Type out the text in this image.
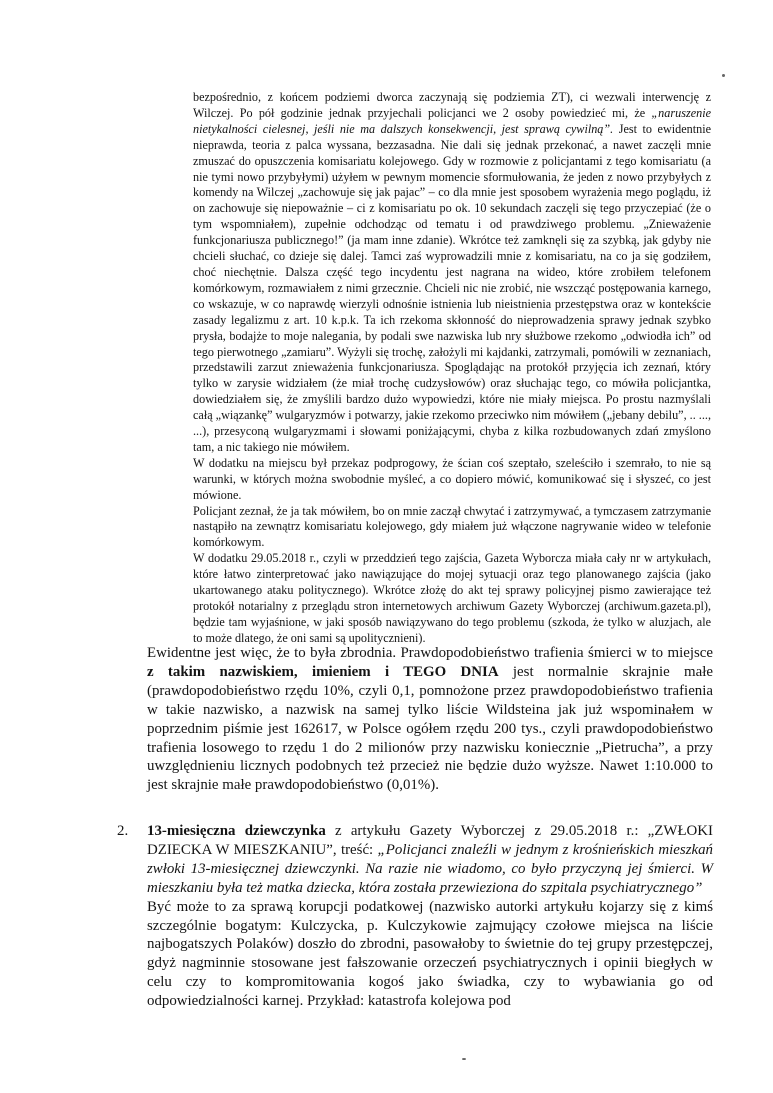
bezpośrednio, z końcem podziemi dworca zaczynają się podziemia ZT), ci wezwali interwencję z Wilczej. Po pół godzinie jednak przyjechali policjanci we 2 osoby powiedzieć mi, że „naruszenie nietykalności cielesnej, jeśli nie ma dalszych konsekwencji, jest sprawą cywilną”. Jest to ewidentnie nieprawda, teoria z palca wyssana, bezzasadna. Nie dali się jednak przekonać, a nawet zaczęli mnie zmuszać do opuszczenia komisariatu kolejowego. Gdy w rozmowie z policjantami z tego komisariatu (a nie tymi nowo przybyłymi) użyłem w pewnym momencie sformułowania, że jeden z nowo przybyłych z komendy na Wilczej „zachowuje się jak pajac” – co dla mnie jest sposobem wyrażenia mego poglądu, iż on zachowuje się niepoważnie – ci z komisariatu po ok. 10 sekundach zaczęli się tego przyczepiać (że o tym wspomniałem), zupełnie odchodząc od tematu i od prawdziwego problemu. „Znieważenie funkcjonariusza publicznego!” (ja mam inne zdanie). Wkrótce też zamknęli się za szybką, jak gdyby nie chcieli słuchać, co dzieje się dalej. Tamci zaś wyprowadzili mnie z komisariatu, na co ja się godziłem, choć niechętnie. Dalsza część tego incydentu jest nagrana na wideo, które zrobiłem telefonem komórkowym, rozmawiałem z nimi grzecznie. Chcieli nic nie zrobić, nie wszcząć postępowania karnego, co wskazuje, w co naprawdę wierzyli odnośnie istnienia lub nieistnienia przestępstwa oraz w kontekście zasady legalizmu z art. 10 k.p.k. Ta ich rzekoma skłonność do nieprowadzenia sprawy jednak szybko prysła, bodajże to moje nalegania, by podali swe nazwiska lub nry służbowe rzekomo „odwiodła ich” od tego pierwotnego „zamiaru”. Wyżyli się trochę, założyli mi kajdanki, zatrzymali, pomówili w zeznaniach, przedstawili zarzut znieważenia funkcjonariusza. Spoglądając na protokół przyjęcia ich zeznań, który tylko w zarysie widziałem (że miał trochę cudzysłowów) oraz słuchając tego, co mówiła policjantka, dowiedziałem się, że zmyślili bardzo dużo wypowiedzi, które nie miały miejsca. Po prostu nazmyślali całą „wiązankę” wulgaryzmów i potwarzy, jakie rzekomo przeciwko nim mówiłem („jebany debilu”, .. ..., ...), przesyconą wulgaryzmami i słowami poniżającymi, chyba z kilka rozbudowanych zdań zmyślono tam, a nic takiego nie mówiłem.

W dodatku na miejscu był przekaz podprogowy, że ścian coś szeptało, szeleściło i szemrało, to nie są warunki, w których można swobodnie myśleć, a co dopiero mówić, komunikować się i słyszeć, co jest mówione.

Policjant zeznał, że ja tak mówiłem, bo on mnie zaczął chwytać i zatrzymywać, a tymczasem zatrzymanie nastąpiło na zewnątrz komisariatu kolejowego, gdy miałem już włączone nagrywanie wideo w telefonie komórkowym.

W dodatku 29.05.2018 r., czyli w przeddzień tego zajścia, Gazeta Wyborcza miała cały nr w artykułach, które łatwo zinterpretować jako nawiązujące do mojej sytuacji oraz tego planowanego zajścia (jako ukartowanego ataku politycznego). Wkrótce złożę do akt tej sprawy policyjnej pismo zawierające też protokół notarialny z przeglądu stron internetowych archiwum Gazety Wyborczej (archiwum.gazeta.pl), będzie tam wyjaśnione, w jaki sposób nawiązywano do tego problemu (szkoda, że tylko w aluzjach, ale to może dlatego, że oni sami są upolitycznieni).

Ewidentne jest więc, że to była zbrodnia. Prawdopodobieństwo trafienia śmierci w to miejsce z takim nazwiskiem, imieniem i TEGO DNIA jest normalnie skrajnie małe (prawdopodobieństwo rzędu 10%, czyli 0,1, pomnożone przez prawdopodobieństwo trafienia w takie nazwisko, a nazwisk na samej tylko liście Wildsteina jak już wspominałem w poprzednim piśmie jest 162617, w Polsce ogółem rzędu 200 tys., czyli prawdopodobieństwo trafienia losowego to rzędu 1 do 2 milionów przy nazwisku koniecznie „Pietrucha”, a przy uwzględnieniu licznych podobnych też przecież nie będzie dużo wyższe. Nawet 1:10.000 to jest skrajnie małe prawdopodobieństwo (0,01%).

2. 13-miesięczna dziewczynka z artykułu Gazety Wyborczej z 29.05.2018 r.: „ZWŁOKI DZIECKA W MIESZKANIU”, treść: „Policjanci znaleźli w jednym z krośnieńskich mieszkań zwłoki 13-miesięcznej dziewczynki. Na razie nie wiadomo, co było przyczyną jej śmierci. W mieszkaniu była też matka dziecka, która została przewieziona do szpitala psychiatrycznego”

Być może to za sprawą korupcji podatkowej (nazwisko autorki artykułu kojarzy się z kimś szczególnie bogatym: Kulczycka, p. Kulczykowie zajmujący czołowe miejsca na liście najbogatszych Polaków) doszło do zbrodni, pasowałoby to świetnie do tej grupy przestępczej, gdyż nagminnie stosowane jest fałszowanie orzeczeń psychiatrycznych i opinii biegłych w celu czy to kompromitowania kogoś jako świadka, czy to wybawiania go od odpowiedzialności karnej. Przykład: katastrofa kolejowa pod
